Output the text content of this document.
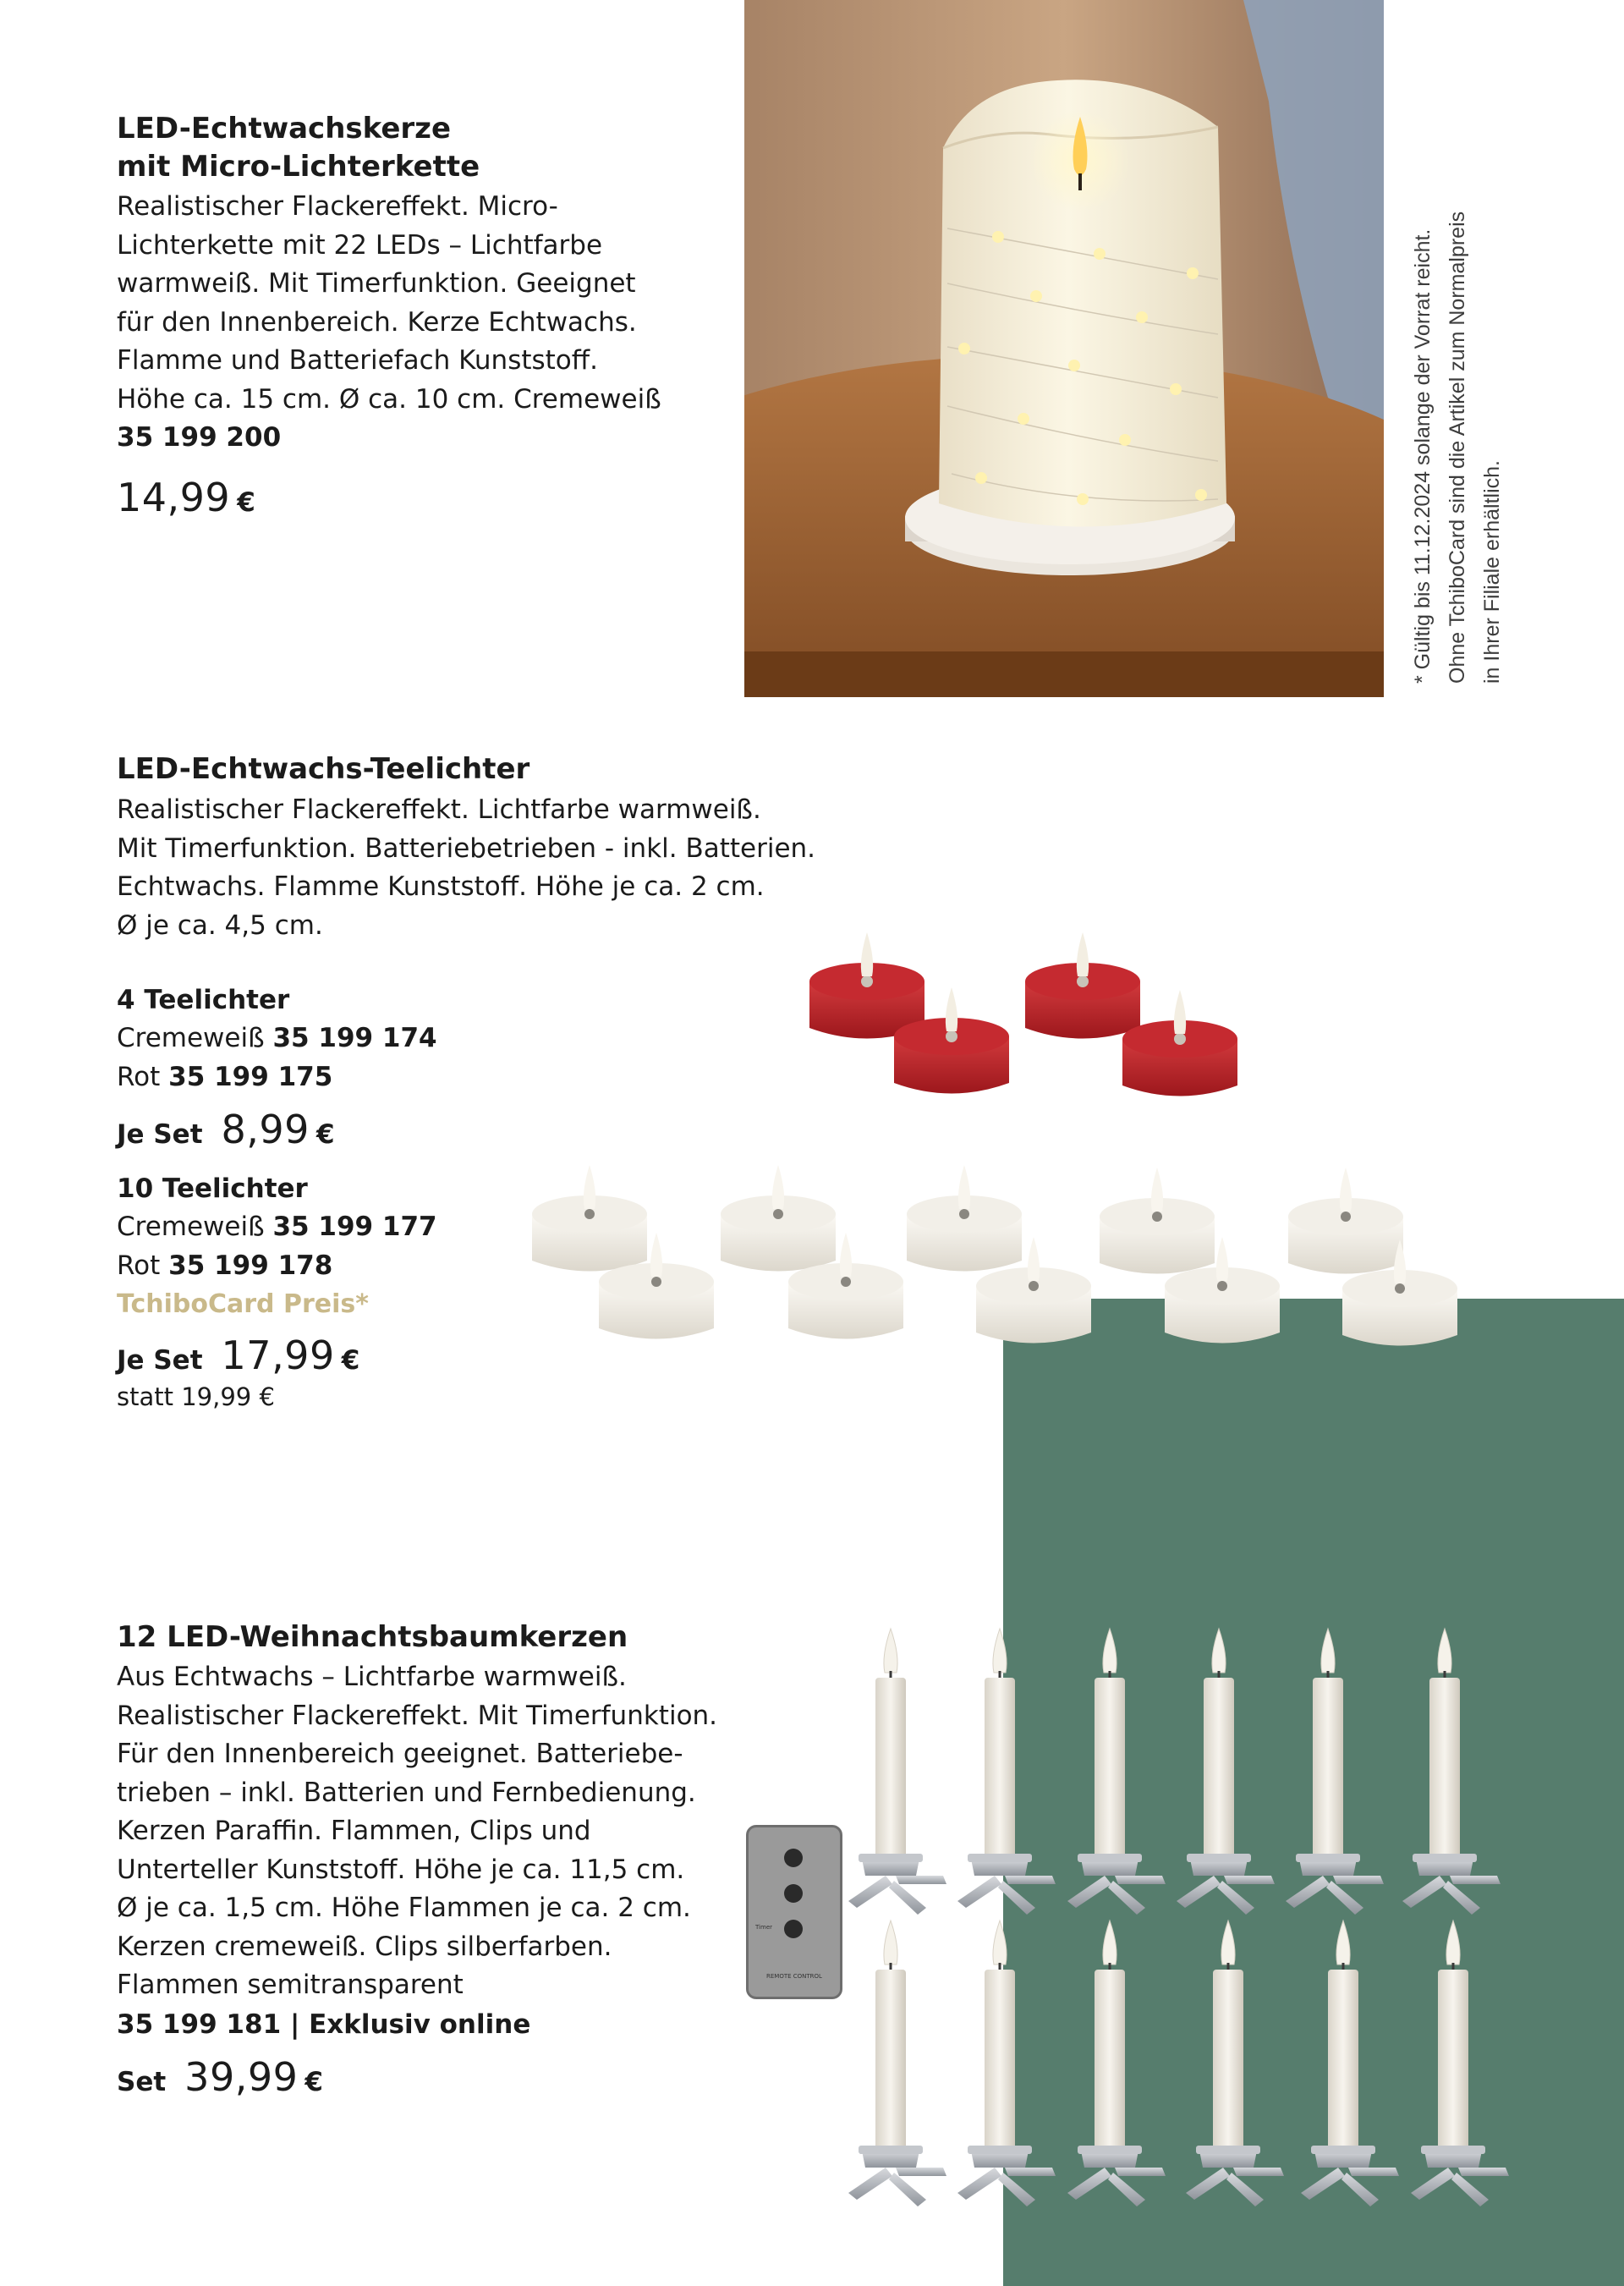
LED-Echtwachskerze
mit Micro-Lichterkette
Realistischer Flackereffekt. Micro-
Lichterkette mit 22 LEDs – Lichtfarbe
warmweiß. Mit Timerfunktion. Geeignet
für den Innenbereich. Kerze Echtwachs.
Flamme und Batteriefach Kunststoff.
Höhe ca. 15 cm. Ø ca. 10 cm. Cremeweiß
35 199 200
14,99 €	* Gültig bis 11.12.2024 solange der Vorrat reicht. Ohne TchiboCard sind die Artikel zum Normalpreis in Ihrer Filiale erhältlich.
LED-Echtwachs-Teelichter
Realistischer Flackereffekt. Lichtfarbe warmweiß.
Mit Timerfunktion. Batteriebetrieben - inkl. Batterien.
Echtwachs. Flamme Kunststoff. Höhe je ca. 2 cm.
Ø je ca. 4,5 cm.
4 Teelichter
Cremeweiß 35 199 174
Rot 35 199 175
Je Set 8,99 €
10 Teelichter
Cremeweiß 35 199 177
Rot 35 199 178
TchiboCard Preis*
Je Set 17,99 €
statt 19,99 €
12 LED-Weihnachtsbaumkerzen
Aus Echtwachs – Lichtfarbe warmweiß.
Realistischer Flackereffekt. Mit Timerfunktion.
Für den Innenbereich geeignet. Batteriebe-
trieben – inkl. Batterien und Fernbedienung.
Kerzen Paraffin. Flammen, Clips und
Unterteller Kunststoff. Höhe je ca. 11,5 cm.
Ø je ca. 1,5 cm. Höhe Flammen je ca. 2 cm.
Kerzen cremeweiß. Clips silberfarben.
Flammen semitransparent
35 199 181 | Exklusiv online
Set 39,99 €
Timer
REMOTE CONTROL
